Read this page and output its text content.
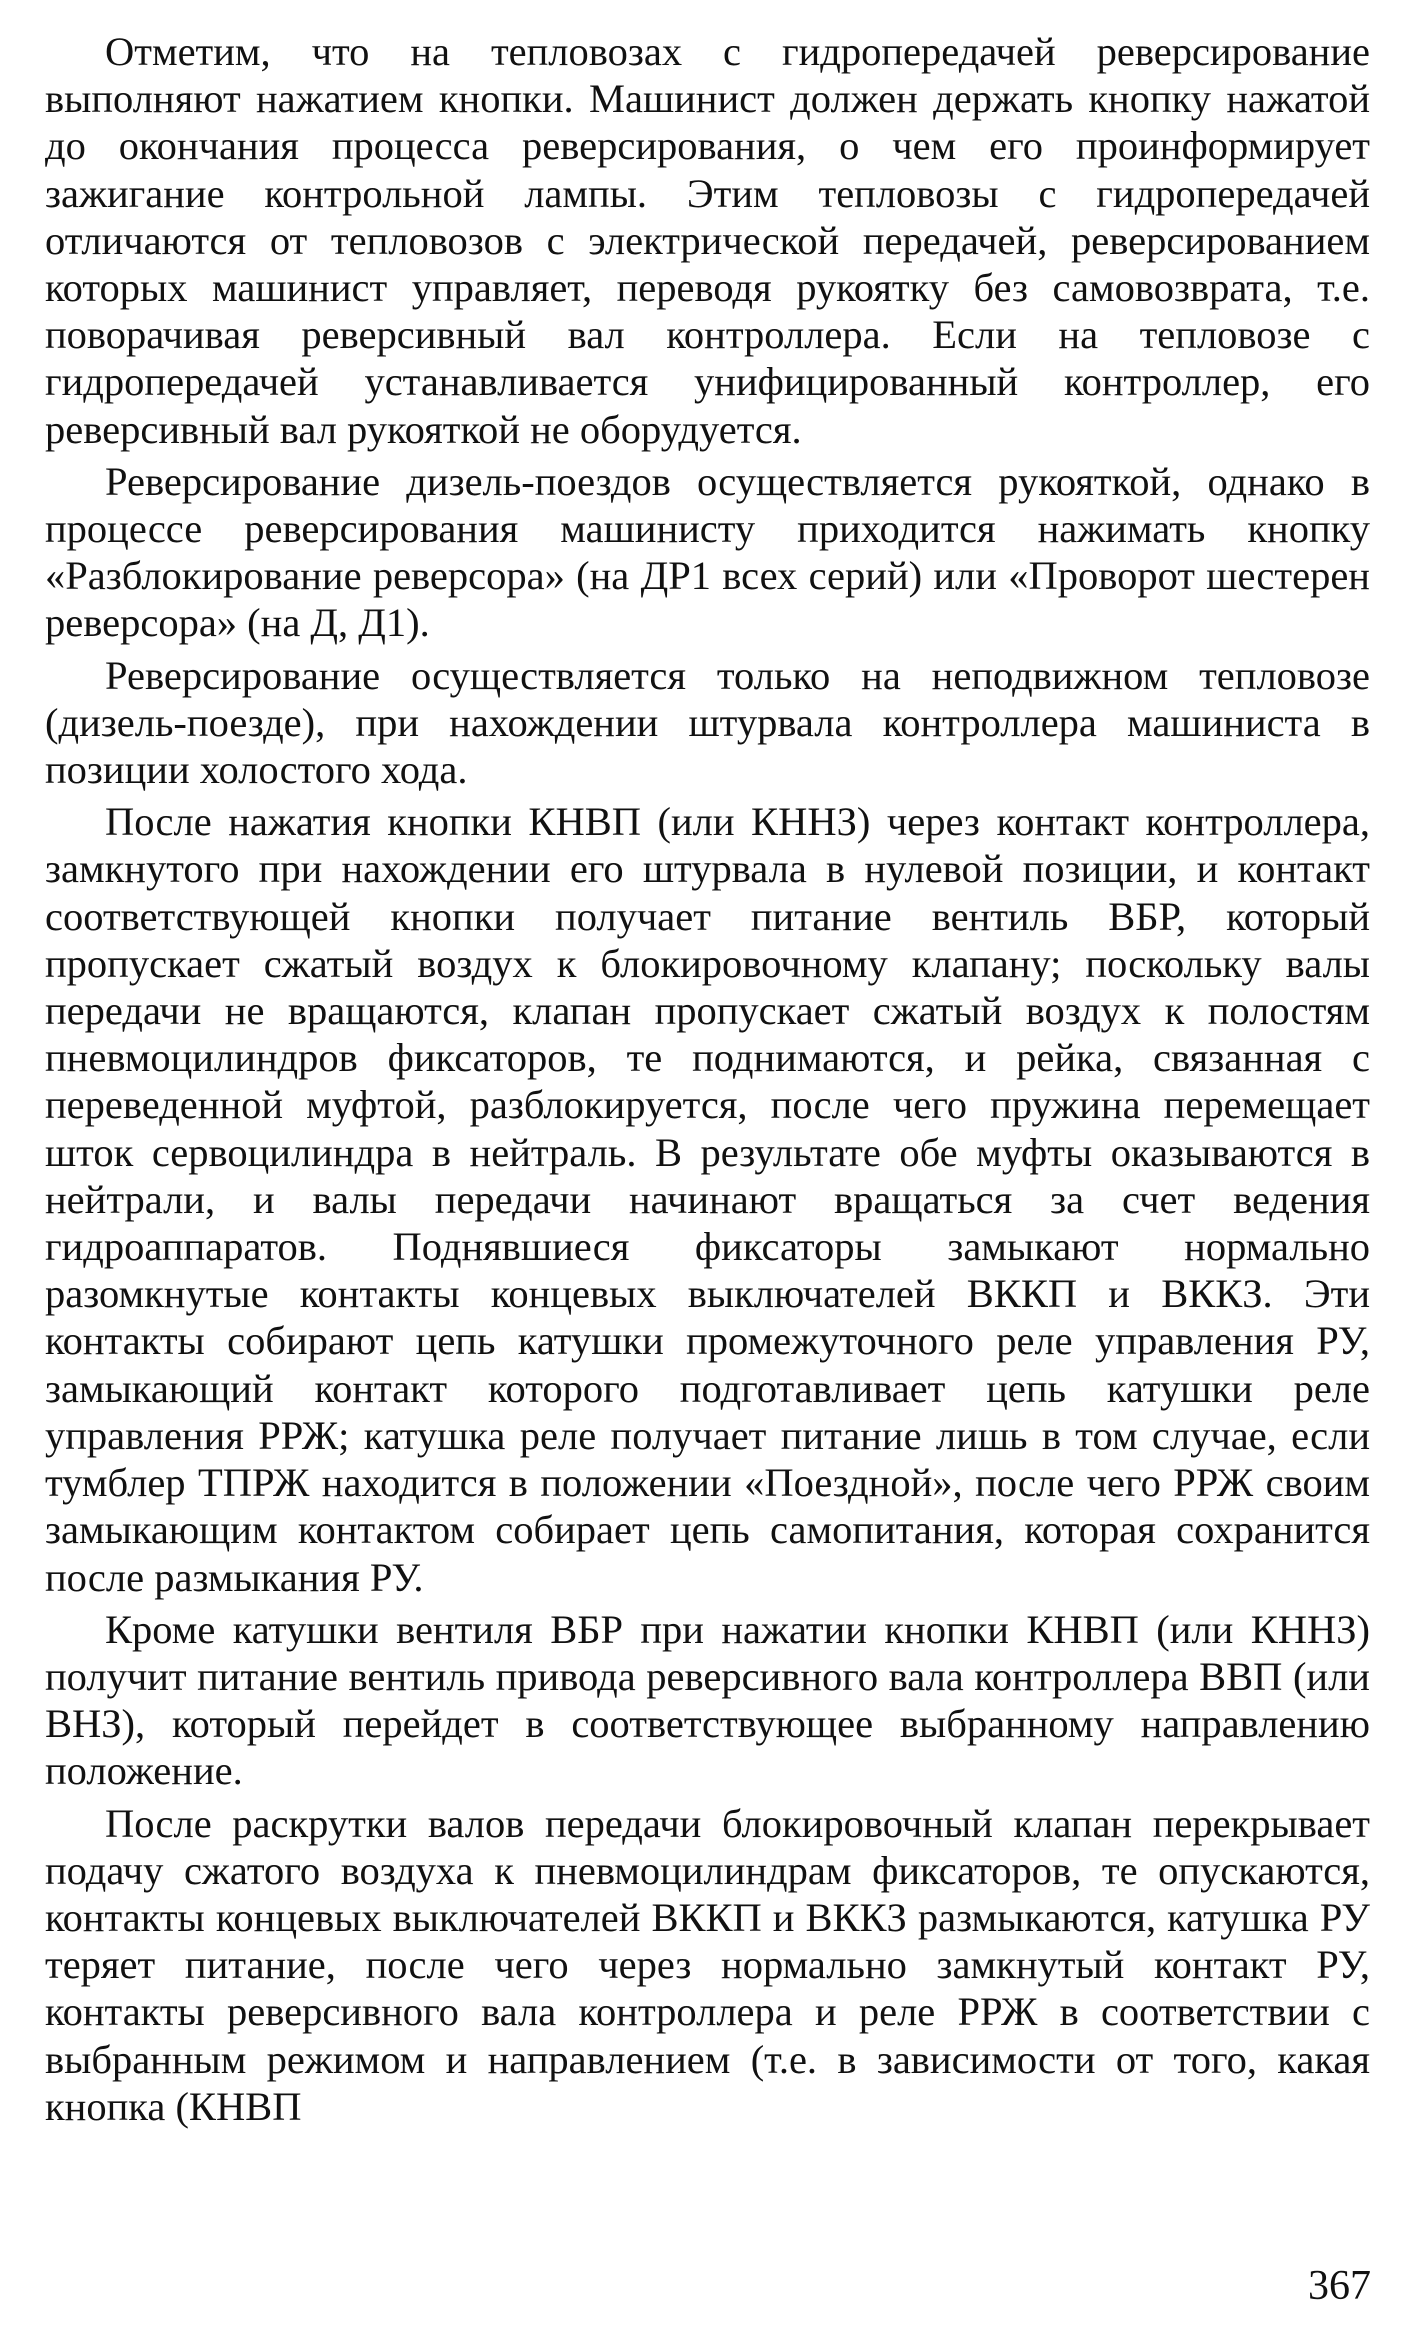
Отметим, что на тепловозах с гидропередачей реверсирование выполняют нажатием кнопки. Машинист должен держать кнопку нажатой до окончания процесса реверсирования, о чем его проинформирует зажигание контрольной лампы. Этим тепловозы с гидропередачей отличаются от тепловозов с электрической передачей, реверсированием которых машинист управляет, переводя рукоятку без самовозврата, т.е. поворачивая реверсивный вал контроллера. Если на тепловозе с гидропередачей устанавливается унифицированный контроллер, его реверсивный вал рукояткой не оборудуется.

Реверсирование дизель-поездов осуществляется рукояткой, однако в процессе реверсирования машинисту приходится нажимать кнопку «Разблокирование реверсора» (на ДР1 всех серий) или «Проворот шестерен реверсора» (на Д, Д1).

Реверсирование осуществляется только на неподвижном тепловозе (дизель-поезде), при нахождении штурвала контроллера машиниста в позиции холостого хода.

После нажатия кнопки КНВП (или КННЗ) через контакт контроллера, замкнутого при нахождении его штурвала в нулевой позиции, и контакт соответствующей кнопки получает питание вентиль ВБР, который пропускает сжатый воздух к блокировочному клапану; поскольку валы передачи не вращаются, клапан пропускает сжатый воздух к полостям пневмоцилиндров фиксаторов, те поднимаются, и рейка, связанная с переведенной муфтой, разблокируется, после чего пружина перемещает шток сервоцилиндра в нейтраль. В результате обе муфты оказываются в нейтрали, и валы передачи начинают вращаться за счет ведения гидроаппаратов. Поднявшиеся фиксаторы замыкают нормально разомкнутые контакты концевых выключателей ВККП и ВККЗ. Эти контакты собирают цепь катушки промежуточного реле управления РУ, замыкающий контакт которого подготавливает цепь катушки реле управления РРЖ; катушка реле получает питание лишь в том случае, если тумблер ТПРЖ находится в положении «Поездной», после чего РРЖ своим замыкающим контактом собирает цепь самопитания, которая сохранится после размыкания РУ.

Кроме катушки вентиля ВБР при нажатии кнопки КНВП (или КННЗ) получит питание вентиль привода реверсивного вала контроллера ВВП (или ВНЗ), который перейдет в соответствующее выбранному направлению положение.

После раскрутки валов передачи блокировочный клапан перекрывает подачу сжатого воздуха к пневмоцилиндрам фиксаторов, те опускаются, контакты концевых выключателей ВККП и ВККЗ размыкаются, катушка РУ теряет питание, после чего через нормально замкнутый контакт РУ, контакты реверсивного вала контроллера и реле РРЖ в соответствии с выбранным режимом и направлением (т.е. в зависимости от того, какая кнопка (КНВП

367
